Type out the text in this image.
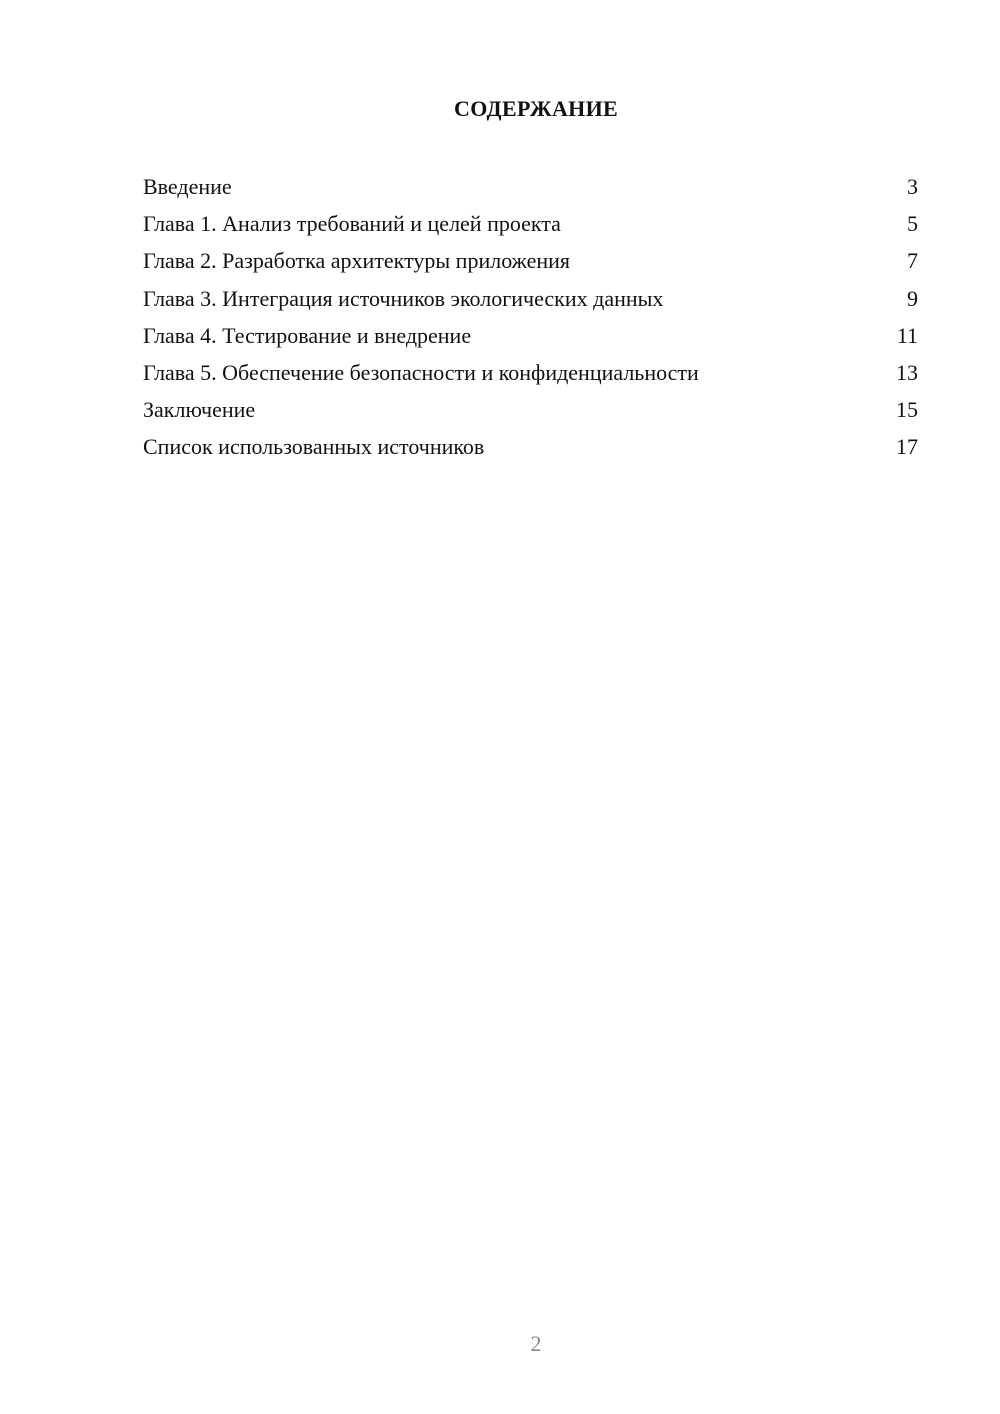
СОДЕРЖАНИЕ
Введение	3
Глава 1. Анализ требований и целей проекта	5
Глава 2. Разработка архитектуры приложения	7
Глава 3. Интеграция источников экологических данных	9
Глава 4. Тестирование и внедрение	11
Глава 5. Обеспечение безопасности и конфиденциальности	13
Заключение	15
Список использованных источников	17
2
